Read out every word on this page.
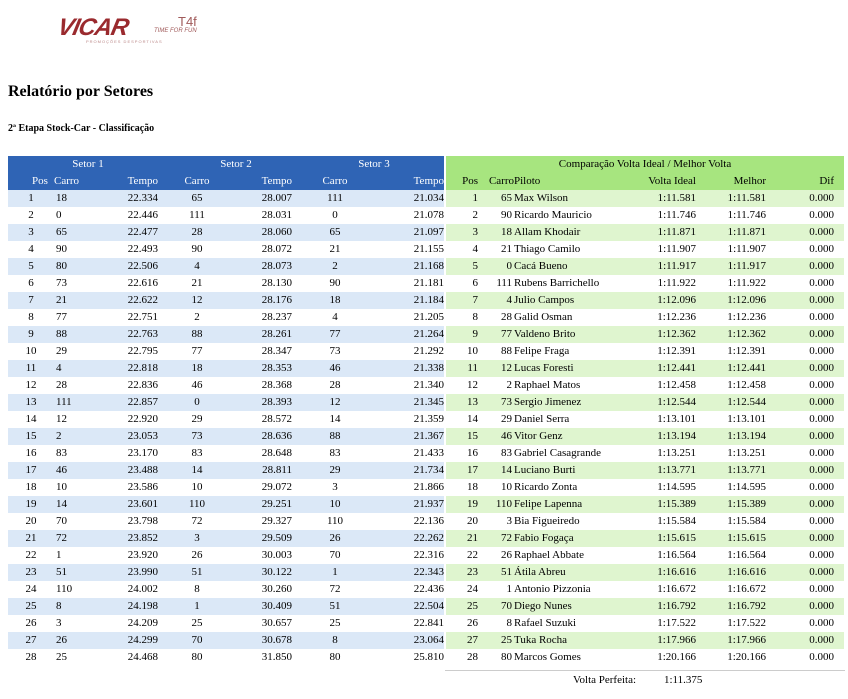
VICAR
PROMOÇÕES DESPORTIVAS
TIME FOR FUN
T4f
Relatório por Setores
2ª Etapa Stock-Car - Classificação
Setor 1			Setor 2		Setor 3			Comparação Volta Ideal / Melhor Volta					
Pos	Carro	Tempo	Carro	Tempo	Carro	Tempo		Pos	Carro	Piloto	Volta Ideal	Melhor	Dif
1	18	22.334	65	28.007	111	21.034		1	65	Max Wilson	1:11.581	1:11.581	0.000
2	0	22.446	111	28.031	0	21.078		2	90	Ricardo Mauricio	1:11.746	1:11.746	0.000
3	65	22.477	28	28.060	65	21.097		3	18	Allam Khodair	1:11.871	1:11.871	0.000
4	90	22.493	90	28.072	21	21.155		4	21	Thiago Camilo	1:11.907	1:11.907	0.000
5	80	22.506	4	28.073	2	21.168		5	0	Cacá Bueno	1:11.917	1:11.917	0.000
6	73	22.616	21	28.130	90	21.181		6	111	Rubens Barrichello	1:11.922	1:11.922	0.000
7	21	22.622	12	28.176	18	21.184		7	4	Julio Campos	1:12.096	1:12.096	0.000
8	77	22.751	2	28.237	4	21.205		8	28	Galid Osman	1:12.236	1:12.236	0.000
9	88	22.763	88	28.261	77	21.264		9	77	Valdeno Brito	1:12.362	1:12.362	0.000
10	29	22.795	77	28.347	73	21.292		10	88	Felipe Fraga	1:12.391	1:12.391	0.000
11	4	22.818	18	28.353	46	21.338		11	12	Lucas Foresti	1:12.441	1:12.441	0.000
12	28	22.836	46	28.368	28	21.340		12	2	Raphael Matos	1:12.458	1:12.458	0.000
13	111	22.857	0	28.393	12	21.345		13	73	Sergio Jimenez	1:12.544	1:12.544	0.000
14	12	22.920	29	28.572	14	21.359		14	29	Daniel Serra	1:13.101	1:13.101	0.000
15	2	23.053	73	28.636	88	21.367		15	46	Vitor Genz	1:13.194	1:13.194	0.000
16	83	23.170	83	28.648	83	21.433		16	83	Gabriel Casagrande	1:13.251	1:13.251	0.000
17	46	23.488	14	28.811	29	21.734		17	14	Luciano Burti	1:13.771	1:13.771	0.000
18	10	23.586	10	29.072	3	21.866		18	10	Ricardo Zonta	1:14.595	1:14.595	0.000
19	14	23.601	110	29.251	10	21.937		19	110	Felipe Lapenna	1:15.389	1:15.389	0.000
20	70	23.798	72	29.327	110	22.136		20	3	Bia Figueiredo	1:15.584	1:15.584	0.000
21	72	23.852	3	29.509	26	22.262		21	72	Fabio Fogaça	1:15.615	1:15.615	0.000
22	1	23.920	26	30.003	70	22.316		22	26	Raphael Abbate	1:16.564	1:16.564	0.000
23	51	23.990	51	30.122	1	22.343		23	51	Átila Abreu	1:16.616	1:16.616	0.000
24	110	24.002	8	30.260	72	22.436		24	1	Antonio Pizzonia	1:16.672	1:16.672	0.000
25	8	24.198	1	30.409	51	22.504		25	70	Diego Nunes	1:16.792	1:16.792	0.000
26	3	24.209	25	30.657	25	22.841		26	8	Rafael Suzuki	1:17.522	1:17.522	0.000
27	26	24.299	70	30.678	8	23.064		27	25	Tuka Rocha	1:17.966	1:17.966	0.000
28	25	24.468	80	31.850	80	25.810		28	80	Marcos Gomes	1:20.166	1:20.166	0.000
Volta Perfeita:	1:11.375
